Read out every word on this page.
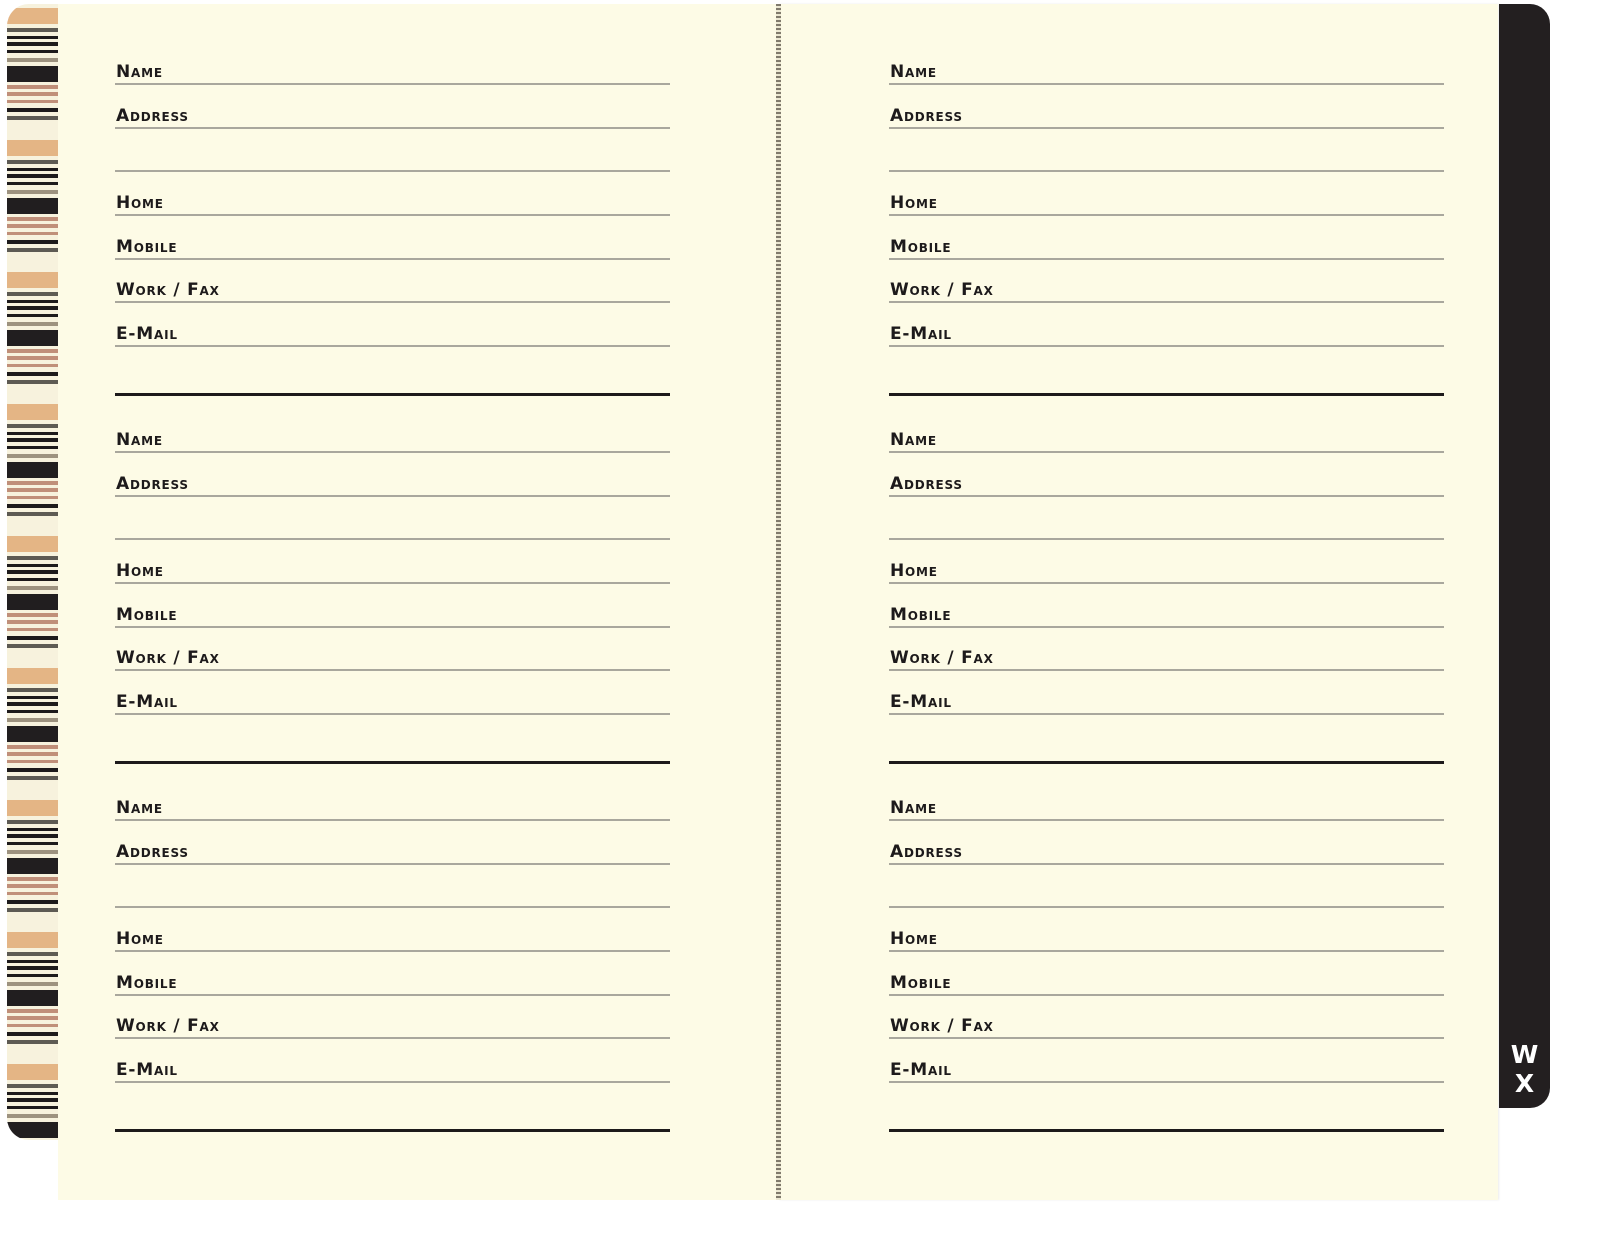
W
X
Name
Address
Home
Mobile
Work / Fax
E-Mail
Name
Address
Home
Mobile
Work / Fax
E-Mail
Name
Address
Home
Mobile
Work / Fax
E-Mail
Name
Address
Home
Mobile
Work / Fax
E-Mail
Name
Address
Home
Mobile
Work / Fax
E-Mail
Name
Address
Home
Mobile
Work / Fax
E-Mail
